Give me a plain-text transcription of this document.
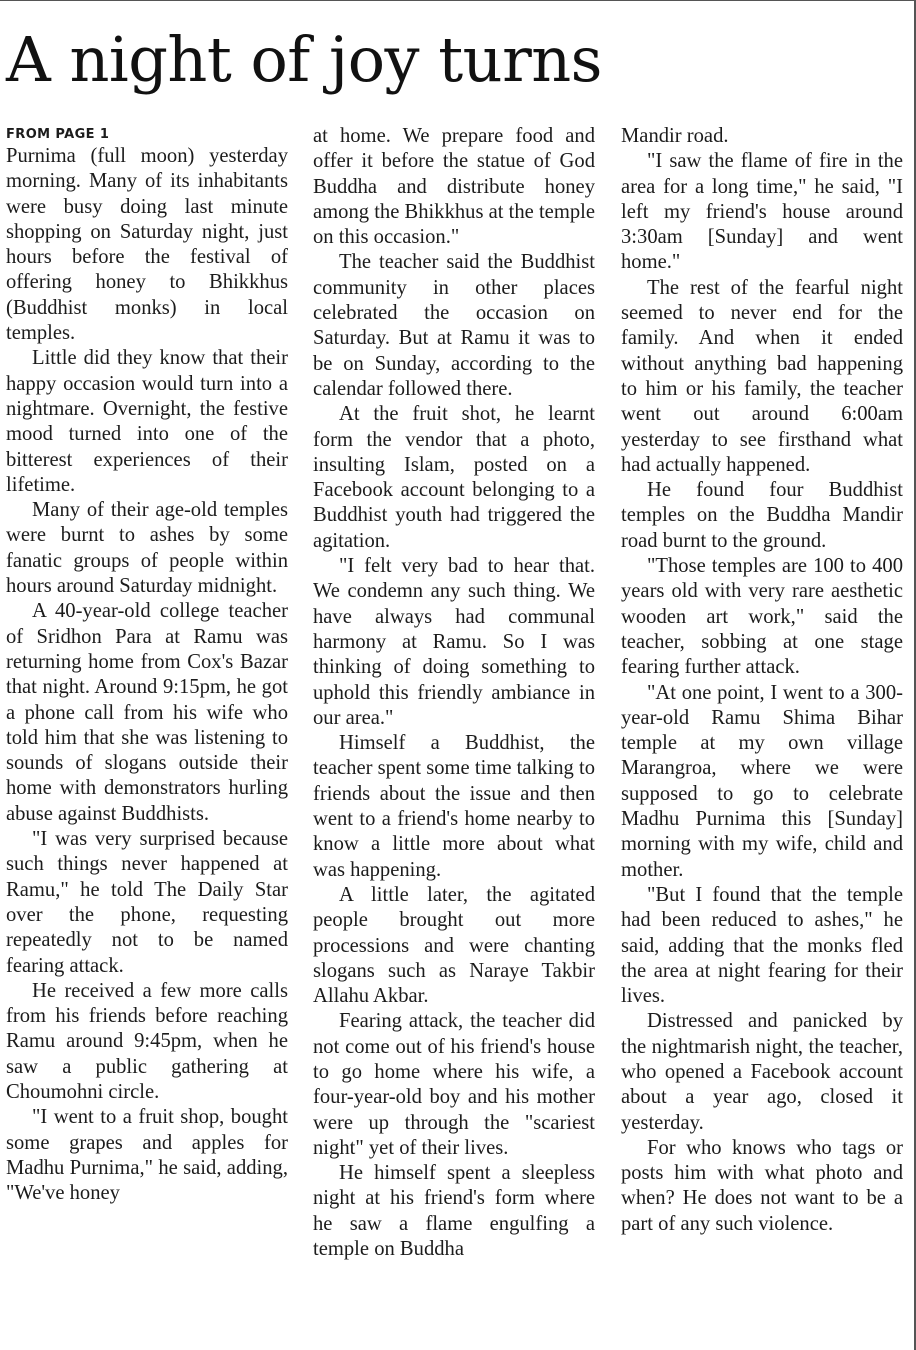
A night of joy turns
FROM PAGE 1

Purnima (full moon) yesterday morning. Many of its inhabitants were busy doing last minute shopping on Saturday night, just hours before the festival of offering honey to Bhikkhus (Buddhist monks) in local temples.

Little did they know that their happy occasion would turn into a nightmare. Overnight, the festive mood turned into one of the bitterest experiences of their lifetime.

Many of their age-old temples were burnt to ashes by some fanatic groups of people within hours around Saturday midnight.

A 40-year-old college teacher of Sridhon Para at Ramu was returning home from Cox's Bazar that night. Around 9:15pm, he got a phone call from his wife who told him that she was listening to sounds of slogans outside their home with demonstrators hurling abuse against Buddhists.

"I was very surprised because such things never happened at Ramu," he told The Daily Star over the phone, requesting repeatedly not to be named fearing attack.

He received a few more calls from his friends before reaching Ramu around 9:45pm, when he saw a public gathering at Choumohni circle.

"I went to a fruit shop, bought some grapes and apples for Madhu Purnima," he said, adding, "We've honey

at home. We prepare food and offer it before the statue of God Buddha and distribute honey among the Bhikkhus at the temple on this occasion."

The teacher said the Buddhist community in other places celebrated the occasion on Saturday. But at Ramu it was to be on Sunday, according to the calendar followed there.

At the fruit shot, he learnt form the vendor that a photo, insulting Islam, posted on a Facebook account belonging to a Buddhist youth had triggered the agitation.

"I felt very bad to hear that. We condemn any such thing. We have always had communal harmony at Ramu. So I was thinking of doing something to uphold this friendly ambiance in our area."

Himself a Buddhist, the teacher spent some time talking to friends about the issue and then went to a friend's home nearby to know a little more about what was happening.

A little later, the agitated people brought out more processions and were chanting slogans such as Naraye Takbir Allahu Akbar.

Fearing attack, the teacher did not come out of his friend's house to go home where his wife, a four-year-old boy and his mother were up through the "scariest night" yet of their lives.

He himself spent a sleepless night at his friend's form where he saw a flame engulfing a temple on Buddha

Mandir road.

"I saw the flame of fire in the area for a long time," he said, "I left my friend's house around 3:30am [Sunday] and went home."

The rest of the fearful night seemed to never end for the family. And when it ended without anything bad happening to him or his family, the teacher went out around 6:00am yesterday to see firsthand what had actually happened.

He found four Buddhist temples on the Buddha Mandir road burnt to the ground.

"Those temples are 100 to 400 years old with very rare aesthetic wooden art work," said the teacher, sobbing at one stage fearing further attack.

"At one point, I went to a 300-year-old Ramu Shima Bihar temple at my own village Marangroa, where we were supposed to go to celebrate Madhu Purnima this [Sunday] morning with my wife, child and mother.

"But I found that the temple had been reduced to ashes," he said, adding that the monks fled the area at night fearing for their lives.

Distressed and panicked by the nightmarish night, the teacher, who opened a Facebook account about a year ago, closed it yesterday.

For who knows who tags or posts him with what photo and when? He does not want to be a part of any such violence.
